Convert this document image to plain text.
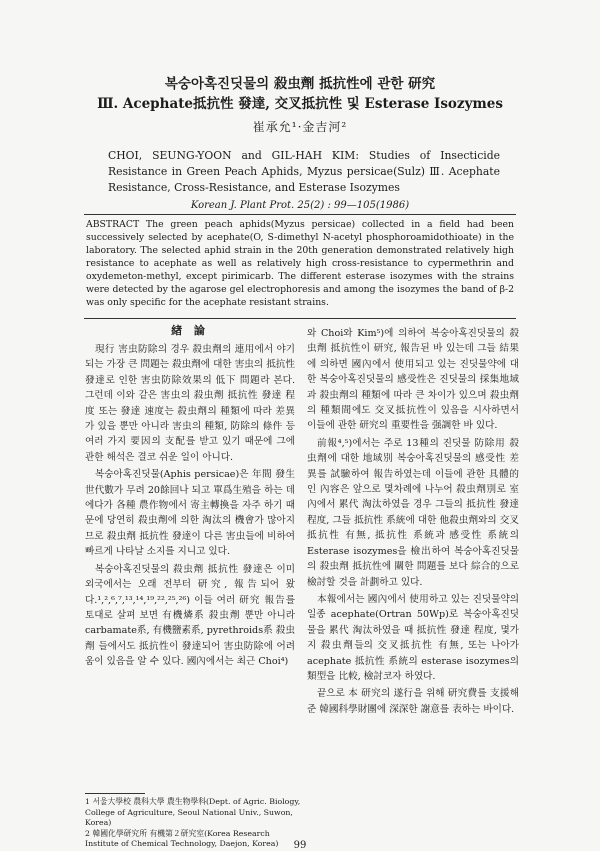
복숭아혹진딧물의 殺虫劑 抵抗性에 관한 研究
Ⅲ. Acephate抵抗性 發達, 交叉抵抗性 및 Esterase Isozymes
崔承允¹·金吉河²
CHOI, SEUNG-YOON and GIL-HAH KIM: Studies of Insecticide Resistance in Green Peach Aphids, Myzus persicae(Sulz) Ⅲ. Acephate Resistance, Cross-Resistance, and Esterase Isozymes
Korean J. Plant Prot. 25(2) : 99—105(1986)
ABSTRACT The green peach aphids(Myzus persicae) collected in a field had been successively selected by acephate(O, S-dimethyl N-acetyl phosphoroamidothioate) in the laboratory. The selected aphid strain in the 20th generation demonstrated relatively high resistance to acephate as well as relatively high cross-resistance to cypermethrin and oxydemeton-methyl, except pirimicarb. The different esterase isozymes with the strains were detected by the agarose gel electrophoresis and among the isozymes the band of β-2 was only specific for the acephate resistant strains.
緖 論

現行 害虫防除의 경우 殺虫劑의 連用에서 야기되는 가장 큰 問題는 殺虫劑에 대한 害虫의 抵抗性 發達로 인한 害虫防除效果의 低下 問題라 본다. 그런데 이와 같은 害虫의 殺虫劑 抵抗性 發達 程度 또는 發達 速度는 殺虫劑의 種類에 따라 差異가 있을 뿐만 아니라 害虫의 種類, 防除의 條件 등 여러 가지 要因의 支配를 받고 있기 때문에 그에 관한 해석은 결코 쉬운 일이 아니다.

복숭아혹진딧물(Aphis persicae)은 年間 發生世代數가 무려 20餘回나 되고 單爲生殖을 하는 데에다가 各種 農作物에서 寄主轉換을 자주 하기 때문에 당연히 殺虫劑에 의한 淘汰의 機會가 많아지므로 殺虫劑 抵抗性 發達이 다른 害虫들에 비하여 빠르게 나타날 소지를 지니고 있다.

복숭아혹진딧물의 殺虫劑 抵抗性 發達은 이미 외국에서는 오래 전부터 研究, 報告되어 왔다.¹,²,⁶,⁷,¹³,¹⁴,¹⁹,²²,²⁵,²⁶) 이들 여러 研究 報告를 토대로 살펴 보면 有機燐系 殺虫劑 뿐만 아니라 carbamate系, 有機鹽素系, pyrethroids系 殺虫劑 들에서도 抵抗性이 發達되어 害虫防除에 어려움이 있음을 알 수 있다. 國內에서는 최근 Choi⁴)

와 Choi와 Kim⁵)에 의하여 복숭아혹진딧물의 殺虫劑 抵抗性이 研究, 報告된 바 있는데 그들 結果에 의하면 國內에서 使用되고 있는 진딧물약에 대한 복숭아혹진딧물의 感受性은 진딧물의 採集地域과 殺虫劑의 種類에 따라 큰 차이가 있으며 殺虫劑의 種類間에도 交叉抵抗性이 있음을 시사하면서 이들에 관한 研究의 重要性을 强調한 바 있다.

前報⁴,⁵)에서는 주로 13種의 진딧물 防除用 殺虫劑에 대한 地域別 복숭아혹진딧물의 感受性 差異를 試驗하여 報告하였는데 이들에 관한 具體的인 內容은 앞으로 몇차례에 나누어 殺虫劑別로 室內에서 累代 淘汰하였을 경우 그들의 抵抗性 發達 程度, 그들 抵抗性 系統에 대한 他殺虫劑와의 交叉抵抗性 有無, 抵抗性 系統과 感受性 系統의 Esterase isozymes을 檢出하여 복숭아혹진딧물의 殺虫劑 抵抗性에 關한 問題를 보다 綜合的으로 檢討할 것을 計劃하고 있다.

本報에서는 國內에서 使用하고 있는 진딧물약의 일종 acephate(Ortran 50Wp)로 복숭아혹진딧물을 累代 淘汰하였을 때 抵抗性 發達 程度, 몇가지 殺虫劑들의 交叉抵抗性 有無, 또는 나아가 acephate 抵抗性 系統의 esterase isozymes의 類型을 比較, 檢討코자 하였다.

끝으로 本 研究의 遂行을 위해 研究費를 支援해 준 韓國科學財團에 深深한 謝意를 表하는 바이다.

1 서울大學校 農科大學 農生物學科(Dept. of Agric. Biology, College of Agriculture, Seoul National Univ., Suwon, Korea)
2 韓國化學研究所 有機第２研究室(Korea Research Institute of Chemical Technology, Daejon, Korea)	99
